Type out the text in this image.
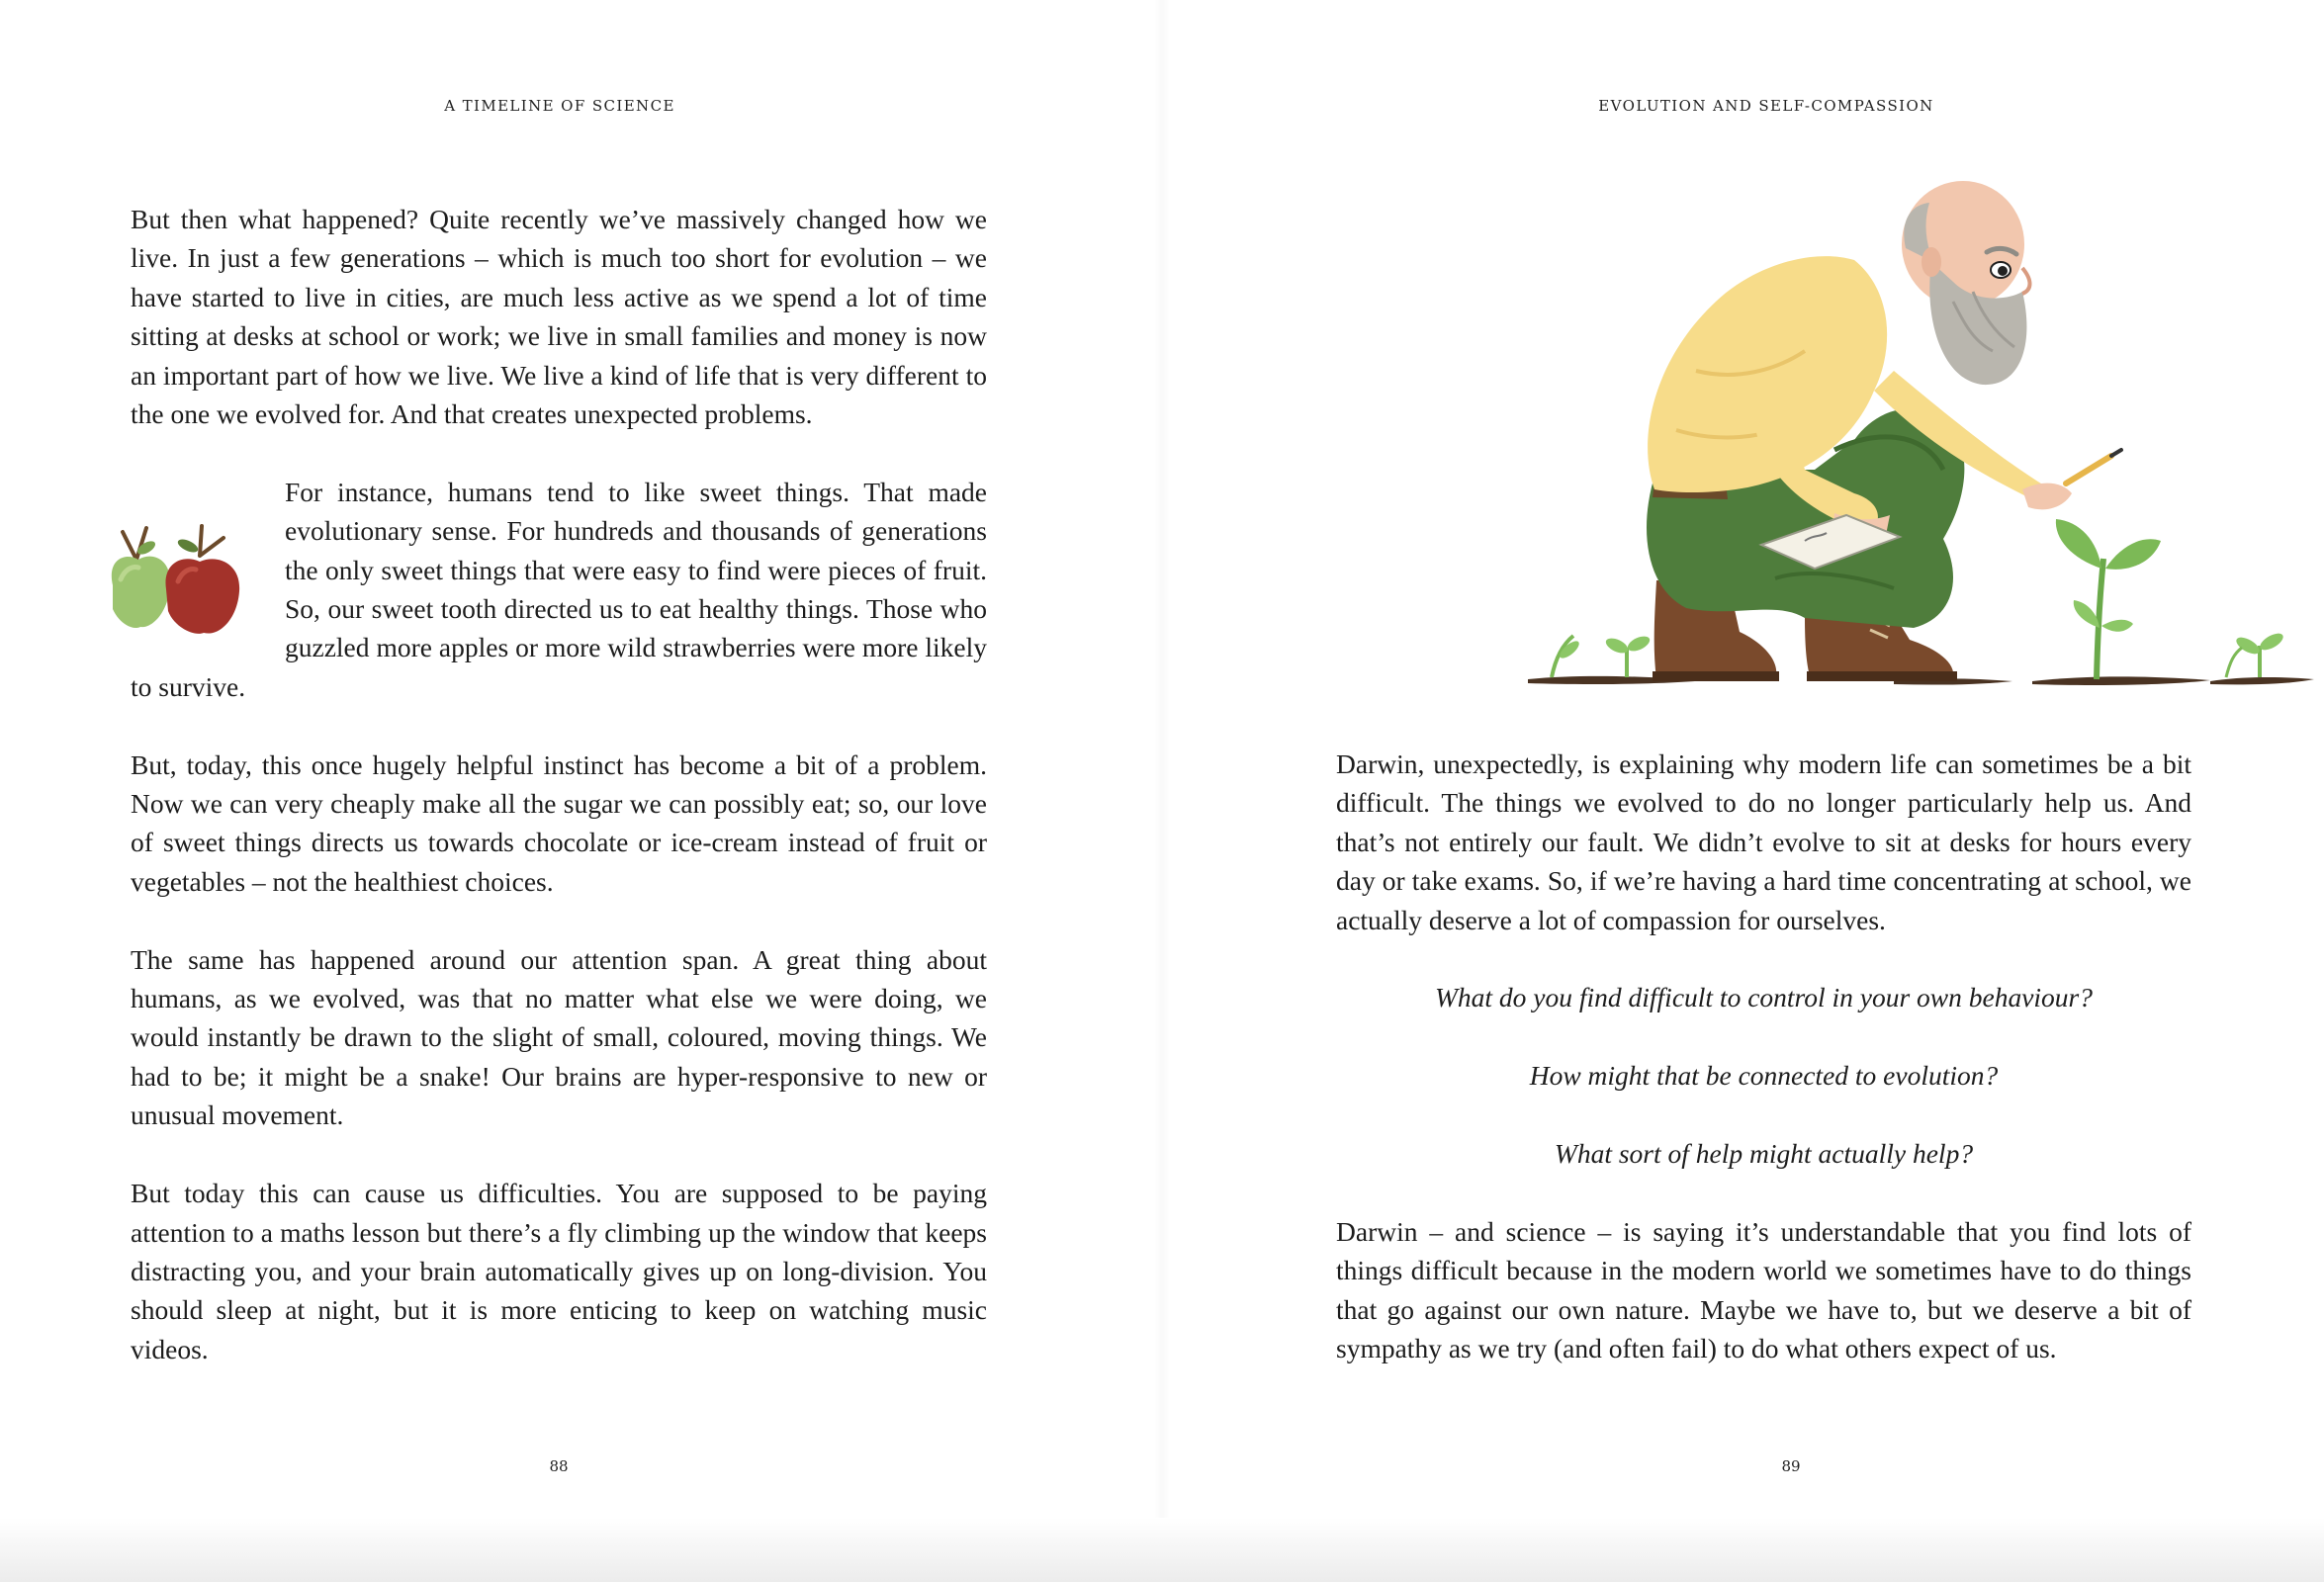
A TIMELINE OF SCIENCE

But then what happened? Quite recently we’ve massively changed how we live. In just a few generations – which is much too short for evolution – we have started to live in cities, are much less active as we spend a lot of time sitting at desks at school or work; we live in small families and money is now an important part of how we live. We live a kind of life that is very different to the one we evolved for. And that creates unexpected problems.

For instance, humans tend to like sweet things. That made evolutionary sense. For hundreds and thousands of generations the only sweet things that were easy to find were pieces of fruit. So, our sweet tooth directed us to eat healthy things. Those who guzzled more apples or more wild strawberries were more likely to survive.

But, today, this once hugely helpful instinct has become a bit of a problem. Now we can very cheaply make all the sugar we can possibly eat; so, our love of sweet things directs us towards chocolate or ice-cream instead of fruit or vegetables – not the healthiest choices.

The same has happened around our attention span. A great thing about humans, as we evolved, was that no matter what else we were doing, we would instantly be drawn to the slight of small, coloured, moving things. We had to be; it might be a snake! Our brains are hyper-responsive to new or unusual movement.

But today this can cause us difficulties. You are supposed to be paying attention to a maths lesson but there’s a fly climbing up the window that keeps distracting you, and your brain automatically gives up on long-division. You should sleep at night, but it is more enticing to keep on watching music videos.

88
EVOLUTION AND SELF-COMPASSION

Darwin, unexpectedly, is explaining why modern life can sometimes be a bit difficult. The things we evolved to do no longer particularly help us. And that’s not entirely our fault. We didn’t evolve to sit at desks for hours every day or take exams. So, if we’re having a hard time concentrating at school, we actually deserve a lot of compassion for ourselves.

What do you find difficult to control in your own behaviour?

How might that be connected to evolution?

What sort of help might actually help?

Darwin – and science – is saying it’s understandable that you find lots of things difficult because in the modern world we sometimes have to do things that go against our own nature. Maybe we have to, but we deserve a bit of sympathy as we try (and often fail) to do what others expect of us.

89
